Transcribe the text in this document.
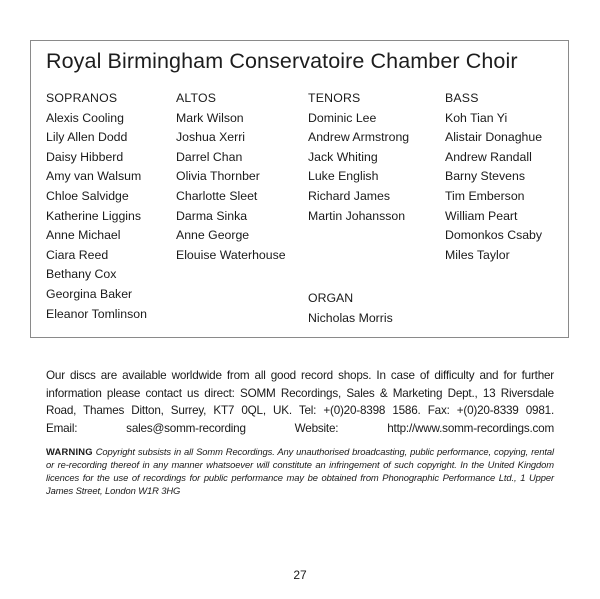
Royal Birmingham Conservatoire Chamber Choir
SOPRANOS
Alexis Cooling
Lily Allen Dodd
Daisy Hibberd
Amy van Walsum
Chloe Salvidge
Katherine Liggins
Anne Michael
Ciara Reed
Bethany Cox
Georgina Baker
Eleanor Tomlinson
ALTOS
Mark Wilson
Joshua Xerri
Darrel Chan
Olivia Thornber
Charlotte Sleet
Darma Sinka
Anne George
Elouise Waterhouse
TENORS
Dominic Lee
Andrew Armstrong
Jack Whiting
Luke English
Richard James
Martin Johansson
BASS
Koh Tian Yi
Alistair Donaghue
Andrew Randall
Barny Stevens
Tim Emberson
William Peart
Domonkos Csaby
Miles Taylor
ORGAN
Nicholas Morris
Our discs are available worldwide from all good record shops. In case of difficulty and for further
information please contact us direct: SOMM Recordings, Sales & Marketing Dept., 13 Riversdale
Road, Thames Ditton, Surrey, KT7 0QL, UK. Tel: +(0)20-8398 1586. Fax: +(0)20-8339 0981.
Email: sales@somm-recording Website: http://www.somm-recordings.com
WARNING Copyright subsists in all Somm Recordings. Any unauthorised broadcasting, public performance, copying, rental or re-recording thereof in any manner whatsoever will constitute an infringement of such copyright. In the United Kingdom licences for the use of recordings for public performance may be obtained from Phonographic Performance Ltd., 1 Upper James Street, London W1R 3HG
27
